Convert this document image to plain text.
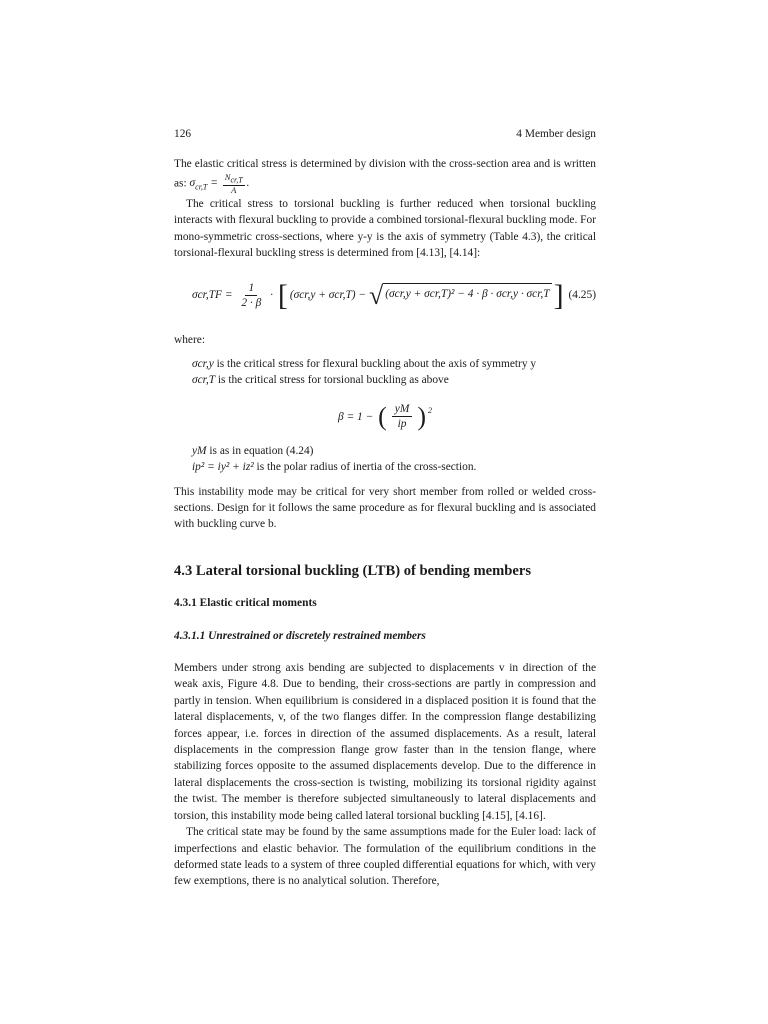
126	4 Member design

The elastic critical stress is determined by division with the cross-section area and is written as: $\sigma_{cr,T} = \frac{N_{cr,T}}{A}$ .

The critical stress to torsional buckling is further reduced when torsional buckling interacts with flexural buckling to provide a combined torsional-flexural buckling mode. For mono-symmetric cross-sections, where y-y is the axis of symmetry (Table 4.3), the critical torsional-flexural buckling stress is determined from [4.13], [4.14]:

$\sigma cr,TF = \frac{1}{2 \cdot \beta}$ · [ (σcr,y + σcr,T) −
√ (σcr,y + σcr,T)² − 4 · β · σcr,y · σcr,T ] (4.25)

where:

σcr,y is the critical stress for flexural buckling about the axis of symmetry y
σcr,T is the critical stress for torsional buckling as above
β = 1 −
( $\frac{yM}{ip}$ ) $^2$
yM is as in equation (4.24)
ip² = iy² + iz² is the polar radius of inertia of the cross-section.

This instability mode may be critical for very short member from rolled or welded cross-sections. Design for it follows the same procedure as for flexural buckling and is associated with buckling curve b.

4.3 Lateral torsional buckling (LTB) of bending members
4.3.1 Elastic critical moments
4.3.1.1 Unrestrained or discretely restrained members

Members under strong axis bending are subjected to displacements v in direction of the weak axis, Figure 4.8. Due to bending, their cross-sections are partly in compression and partly in tension. When equilibrium is considered in a displaced position it is found that the lateral displacements, v, of the two flanges differ. In the compression flange destabilizing forces appear, i.e. forces in direction of the assumed displacements. As a result, lateral displacements in the compression flange grow faster than in the tension flange, where stabilizing forces opposite to the assumed displacements develop. Due to the difference in lateral displacements the cross-section is twisting, mobilizing its torsional rigidity against the twist. The member is therefore subjected simultaneously to lateral displacements and torsion, this instability mode being called lateral torsional buckling [4.15], [4.16].

The critical state may be found by the same assumptions made for the Euler load: lack of imperfections and elastic behavior. The formulation of the equilibrium conditions in the deformed state leads to a system of three coupled differential equations for which, with very few exemptions, there is no analytical solution. Therefore,
